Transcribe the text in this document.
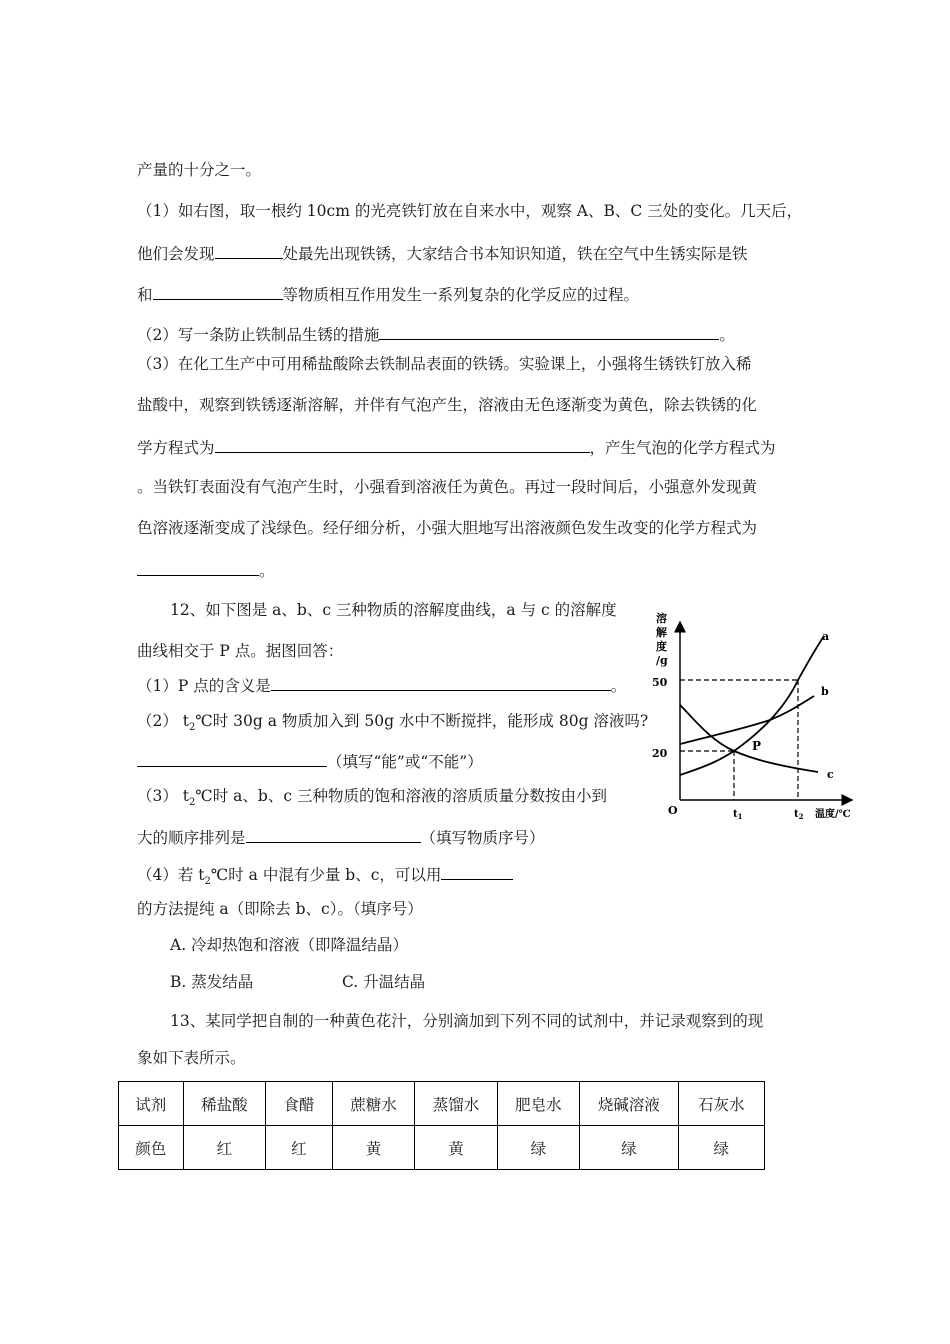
产量的十分之一。
（1）如右图，取一根约 10cm 的光亮铁钉放在自来水中，观察 A、B、C 三处的变化。几天后，
他们会发现	处最先出现铁锈，大家结合书本知识知道，铁在空气中生锈实际是铁
和	等物质相互作用发生一系列复杂的化学反应的过程。
（2）写一条防止铁制品生锈的措施	。
（3）在化工生产中可用稀盐酸除去铁制品表面的铁锈。实验课上，小强将生锈铁钉放入稀
盐酸中，观察到铁锈逐渐溶解，并伴有气泡产生，溶液由无色逐渐变为黄色，除去铁锈的化
学方程式为	，产生气泡的化学方程式为
。当铁钉表面没有气泡产生时，小强看到溶液任为黄色。再过一段时间后，小强意外发现黄
色溶液逐渐变成了浅绿色。经仔细分析，小强大胆地写出溶液颜色发生改变的化学方程式为
。
12、如下图是 a、b、c 三种物质的溶解度曲线，a 与 c 的溶解度
曲线相交于 P 点。据图回答：
（1）P 点的含义是	。
（2） $t_2℃$时 30g a 物质加入到 50g 水中不断搅拌，能形成 80g 溶液吗?
（填写“能”或“不能”）
（3） $t_2℃$时 a、b、c 三种物质的饱和溶液的溶质质量分数按由小到
大的顺序排列是	（填写物质序号）
（4）若 $t_2℃$时 a 中混有少量 b、c，可以用
的方法提纯 a（即除去 b、c）。（填序号）
A. 冷却热饱和溶液（即降温结晶）
B. 蒸发结晶	C. 升温结晶
溶
解
度
/g
50
20
O	$t_1$	$t_2$ 温度/℃
a
b
c
P
13、某同学把自制的一种黄色花汁，分别滴加到下列不同的试剂中，并记录观察到的现
象如下表所示。
试剂	稀盐酸	食醋	蔗糖水	蒸馏水	肥皂水	烧碱溶液	石灰水
颜色	红	红	黄	黄	绿	绿	绿
